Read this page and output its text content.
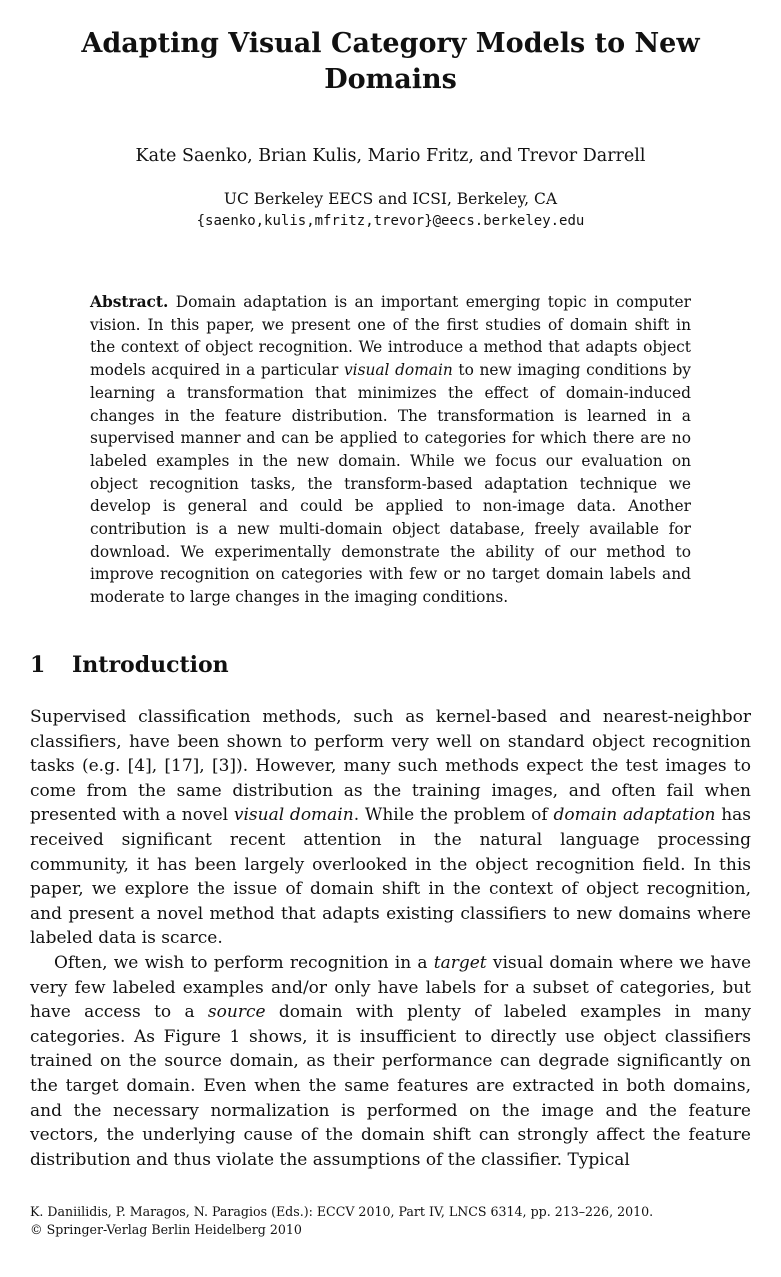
Adapting Visual Category Models to New Domains
Kate Saenko, Brian Kulis, Mario Fritz, and Trevor Darrell
UC Berkeley EECS and ICSI, Berkeley, CA
{saenko,kulis,mfritz,trevor}@eecs.berkeley.edu
Abstract. Domain adaptation is an important emerging topic in computer vision. In this paper, we present one of the first studies of domain shift in the context of object recognition. We introduce a method that adapts object models acquired in a particular visual domain to new imaging conditions by learning a transformation that minimizes the effect of domain-induced changes in the feature distribution. The transformation is learned in a supervised manner and can be applied to categories for which there are no labeled examples in the new domain. While we focus our evaluation on object recognition tasks, the transform-based adaptation technique we develop is general and could be applied to non-image data. Another contribution is a new multi-domain object database, freely available for download. We experimentally demonstrate the ability of our method to improve recognition on categories with few or no target domain labels and moderate to large changes in the imaging conditions.
1 Introduction

Supervised classification methods, such as kernel-based and nearest-neighbor classifiers, have been shown to perform very well on standard object recognition tasks (e.g. [4], [17], [3]). However, many such methods expect the test images to come from the same distribution as the training images, and often fail when presented with a novel visual domain. While the problem of domain adaptation has received significant recent attention in the natural language processing community, it has been largely overlooked in the object recognition field. In this paper, we explore the issue of domain shift in the context of object recognition, and present a novel method that adapts existing classifiers to new domains where labeled data is scarce.

Often, we wish to perform recognition in a target visual domain where we have very few labeled examples and/or only have labels for a subset of categories, but have access to a source domain with plenty of labeled examples in many categories. As Figure 1 shows, it is insufficient to directly use object classifiers trained on the source domain, as their performance can degrade significantly on the target domain. Even when the same features are extracted in both domains, and the necessary normalization is performed on the image and the feature vectors, the underlying cause of the domain shift can strongly affect the feature distribution and thus violate the assumptions of the classifier. Typical

K. Daniilidis, P. Maragos, N. Paragios (Eds.): ECCV 2010, Part IV, LNCS 6314, pp. 213–226, 2010.
© Springer-Verlag Berlin Heidelberg 2010
